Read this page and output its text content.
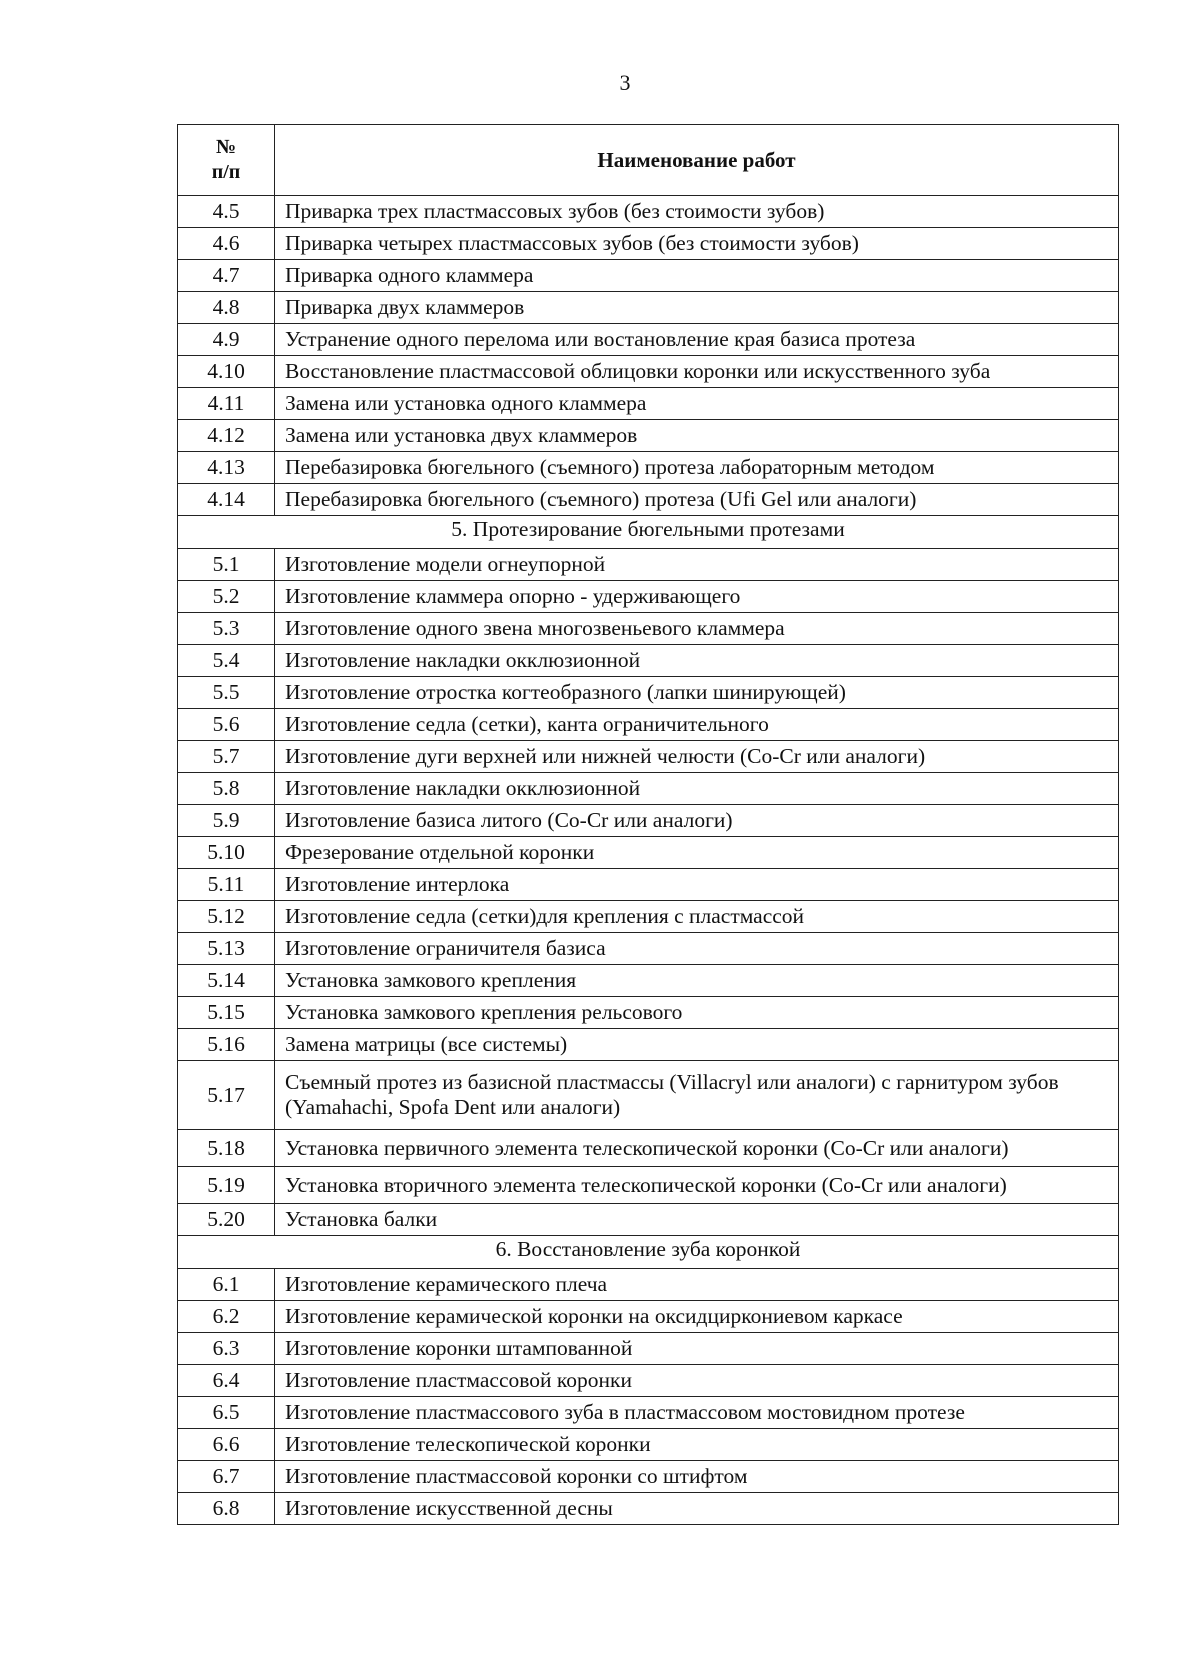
3
№
п/п	Наименование работ
4.5	Приварка трех пластмассовых зубов (без стоимости зубов)
4.6	Приварка четырех пластмассовых зубов (без стоимости зубов)
4.7	Приварка одного кламмера
4.8	Приварка двух кламмеров
4.9	Устранение одного перелома или востановление края базиса протеза
4.10	Восстановление пластмассовой облицовки коронки или искусственного зуба
4.11	Замена или установка одного кламмера
4.12	Замена или установка двух кламмеров
4.13	Перебазировка бюгельного (съемного) протеза лабораторным методом
4.14	Перебазировка бюгельного (съемного) протеза (Ufi Gel или аналоги)
5. Протезирование бюгельными протезами	
5.1	Изготовление модели огнеупорной
5.2	Изготовление кламмера опорно - удерживающего
5.3	Изготовление одного звена многозвеньевого кламмера
5.4	Изготовление накладки окклюзионной
5.5	Изготовление отростка когтеобразного (лапки шинирующей)
5.6	Изготовление седла (сетки), канта ограничительного
5.7	Изготовление дуги верхней или нижней челюсти (Co-Cr или аналоги)
5.8	Изготовление накладки окклюзионной
5.9	Изготовление базиса литого (Co-Cr или аналоги)
5.10	Фрезерование отдельной коронки
5.11	Изготовление интерлока
5.12	Изготовление седла (сетки)для крепления с пластмассой
5.13	Изготовление ограничителя базиса
5.14	Установка замкового крепления
5.15	Установка замкового крепления рельсового
5.16	Замена матрицы (все системы)
5.17	Съемный протез из базисной пластмассы (Villacryl или аналоги) с гарнитуром зубов (Yamahachi, Spofa Dent или аналоги)
5.18	Установка первичного элемента телескопической коронки (Co-Cr или аналоги)
5.19	Установка вторичного элемента телескопической коронки (Co-Cr или аналоги)
5.20	Установка балки
6. Восстановление зуба коронкой	
6.1	Изготовление керамического плеча
6.2	Изготовление керамической коронки на оксидциркониевом каркасе
6.3	Изготовление коронки штампованной
6.4	Изготовление пластмассовой коронки
6.5	Изготовление пластмассового зуба в пластмассовом мостовидном протезе
6.6	Изготовление телескопической коронки
6.7	Изготовление пластмассовой коронки со штифтом
6.8	Изготовление искусственной десны
